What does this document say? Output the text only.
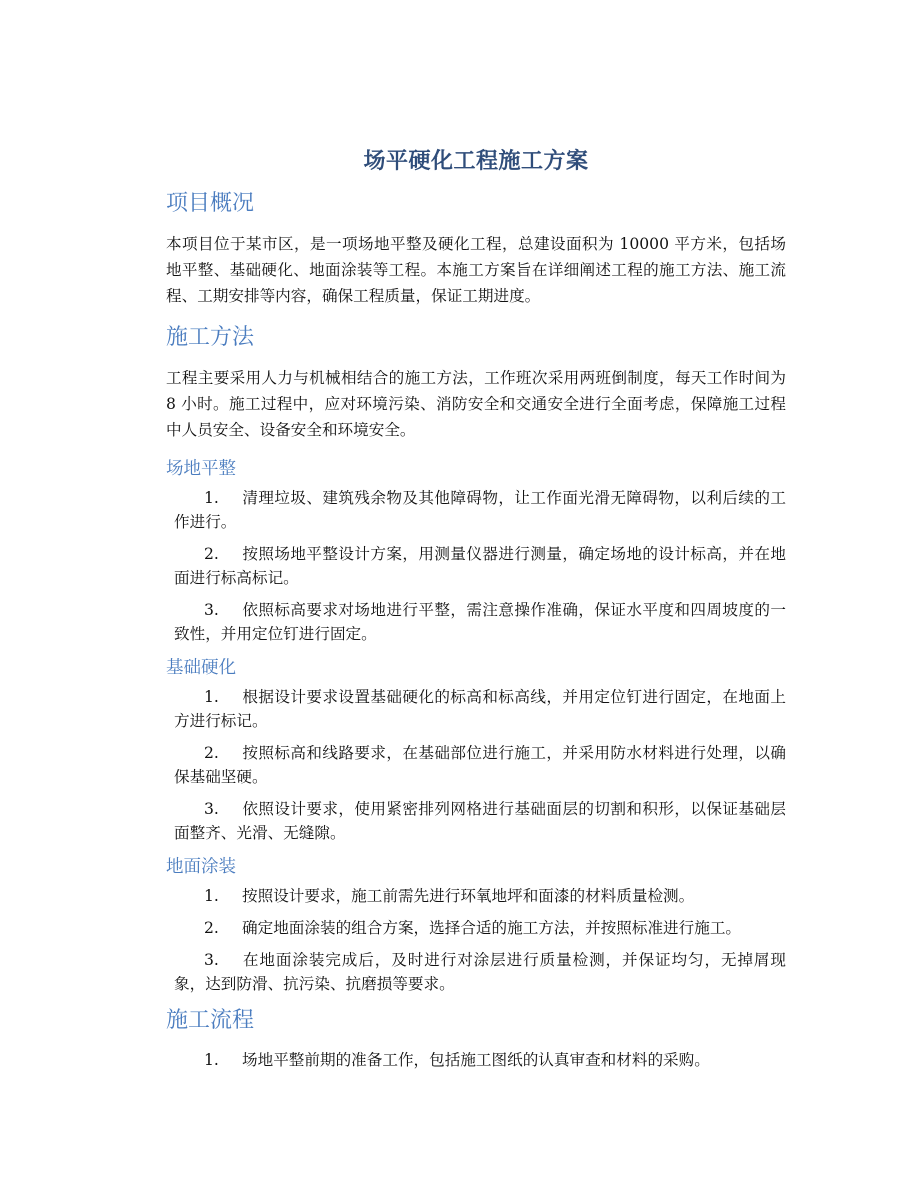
场平硬化工程施工方案
项目概况
本项目位于某市区，是一项场地平整及硬化工程，总建设面积为 10000 平方米，包括场地平整、基础硬化、地面涂装等工程。本施工方案旨在详细阐述工程的施工方法、施工流程、工期安排等内容，确保工程质量，保证工期进度。
施工方法
工程主要采用人力与机械相结合的施工方法，工作班次采用两班倒制度，每天工作时间为 8 小时。施工过程中，应对环境污染、消防安全和交通安全进行全面考虑，保障施工过程中人员安全、设备安全和环境安全。
场地平整
1. 清理垃圾、建筑残余物及其他障碍物，让工作面光滑无障碍物，以利后续的工作进行。
2. 按照场地平整设计方案，用测量仪器进行测量，确定场地的设计标高，并在地面进行标高标记。
3. 依照标高要求对场地进行平整，需注意操作准确，保证水平度和四周坡度的一致性，并用定位钉进行固定。
基础硬化
1. 根据设计要求设置基础硬化的标高和标高线，并用定位钉进行固定，在地面上方进行标记。
2. 按照标高和线路要求，在基础部位进行施工，并采用防水材料进行处理，以确保基础坚硬。
3. 依照设计要求，使用紧密排列网格进行基础面层的切割和积形，以保证基础层面整齐、光滑、无缝隙。
地面涂装
1. 按照设计要求，施工前需先进行环氧地坪和面漆的材料质量检测。
2. 确定地面涂装的组合方案，选择合适的施工方法，并按照标准进行施工。
3. 在地面涂装完成后，及时进行对涂层进行质量检测，并保证均匀，无掉屑现象，达到防滑、抗污染、抗磨损等要求。
施工流程
1. 场地平整前期的准备工作，包括施工图纸的认真审查和材料的采购。
